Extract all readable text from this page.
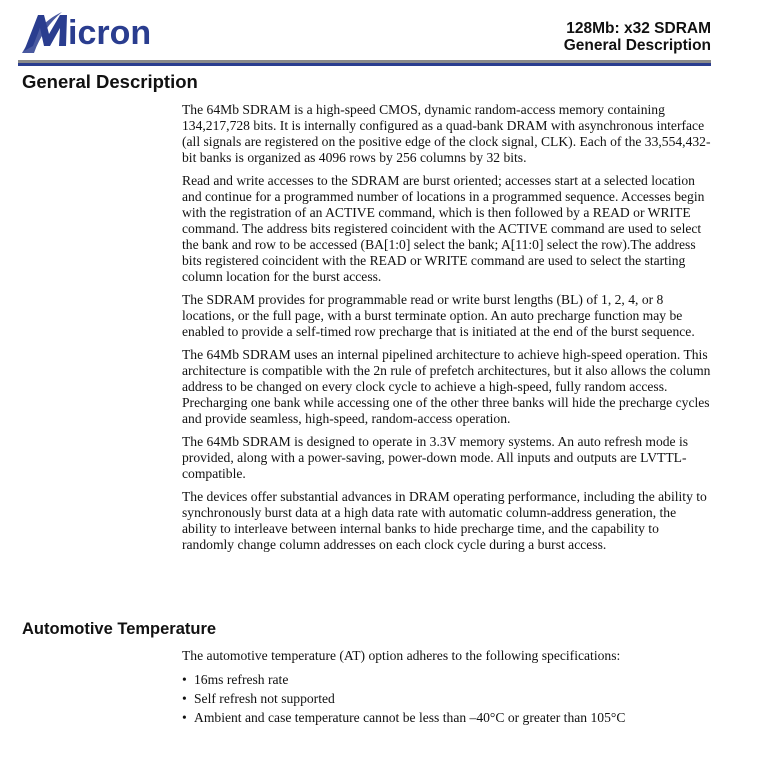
icron	128Mb: x32 SDRAM
General Description
General Description

The 64Mb SDRAM is a high-speed CMOS, dynamic random-access memory containing 134,217,728 bits. It is internally configured as a quad-bank DRAM with asynchronous interface (all signals are registered on the positive edge of the clock signal, CLK). Each of the 33,554,432-bit banks is organized as 4096 rows by 256 columns by 32 bits.

Read and write accesses to the SDRAM are burst oriented; accesses start at a selected location and continue for a programmed number of locations in a programmed sequence. Accesses begin with the registration of an ACTIVE command, which is then followed by a READ or WRITE command. The address bits registered coincident with the ACTIVE command are used to select the bank and row to be accessed (BA[1:0] select the bank; A[11:0] select the row).The address bits registered coincident with the READ or WRITE command are used to select the starting column location for the burst access.

The SDRAM provides for programmable read or write burst lengths (BL) of 1, 2, 4, or 8 locations, or the full page, with a burst terminate option. An auto precharge function may be enabled to provide a self-timed row precharge that is initiated at the end of the burst sequence.

The 64Mb SDRAM uses an internal pipelined architecture to achieve high-speed operation. This architecture is compatible with the 2n rule of prefetch architectures, but it also allows the column address to be changed on every clock cycle to achieve a high-speed, fully random access. Precharging one bank while accessing one of the other three banks will hide the precharge cycles and provide seamless, high-speed, random-access operation.

The 64Mb SDRAM is designed to operate in 3.3V memory systems. An auto refresh mode is provided, along with a power-saving, power-down mode. All inputs and outputs are LVTTL-compatible.

The devices offer substantial advances in DRAM operating performance, including the ability to synchronously burst data at a high data rate with automatic column-address generation, the ability to interleave between internal banks to hide precharge time, and the capability to randomly change column addresses on each clock cycle during a burst access.

Automotive Temperature

The automotive temperature (AT) option adheres to the following specifications:

• 16ms refresh rate
• Self refresh not supported
• Ambient and case temperature cannot be less than –40°C or greater than 105°C
